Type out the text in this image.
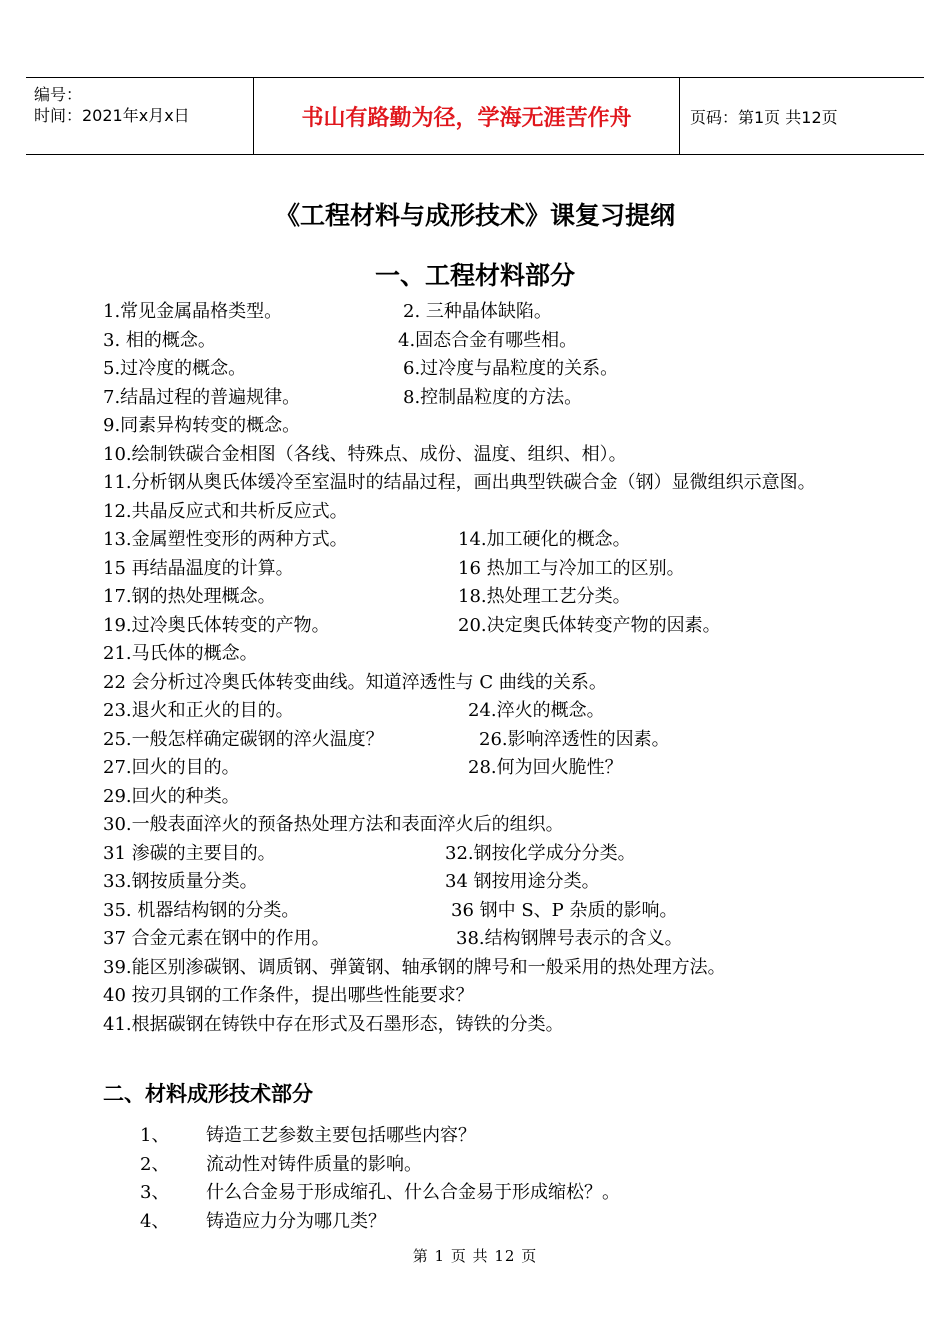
编号：
时间：2021年x月x日	书山有路勤为径，学海无涯苦作舟	页码：第1页 共12页
《工程材料与成形技术》课复习提纲
一、工程材料部分
1.常见金属晶格类型。	2. 三种晶体缺陷。
3. 相的概念。	4.固态合金有哪些相。
5.过冷度的概念。	6.过冷度与晶粒度的关系。
7.结晶过程的普遍规律。	8.控制晶粒度的方法。
9.同素异构转变的概念。
10.绘制铁碳合金相图（各线、特殊点、成份、温度、组织、相）。
11.分析钢从奥氏体缓冷至室温时的结晶过程，画出典型铁碳合金（钢）显微组织示意图。
12.共晶反应式和共析反应式。
13.金属塑性变形的两种方式。	14.加工硬化的概念。
15 再结晶温度的计算。	16 热加工与冷加工的区别。
17.钢的热处理概念。	18.热处理工艺分类。
19.过冷奥氏体转变的产物。	20.决定奥氏体转变产物的因素。
21.马氏体的概念。
22 会分析过冷奥氏体转变曲线。知道淬透性与 C 曲线的关系。
23.退火和正火的目的。	24.淬火的概念。
25.一般怎样确定碳钢的淬火温度？	26.影响淬透性的因素。
27.回火的目的。	28.何为回火脆性？
29.回火的种类。
30.一般表面淬火的预备热处理方法和表面淬火后的组织。
31 渗碳的主要目的。	32.钢按化学成分分类。
33.钢按质量分类。	34 钢按用途分类。
35. 机器结构钢的分类。	36 钢中 S、P 杂质的影响。
37 合金元素在钢中的作用。	38.结构钢牌号表示的含义。
39.能区别渗碳钢、调质钢、弹簧钢、轴承钢的牌号和一般采用的热处理方法。
40 按刃具钢的工作条件，提出哪些性能要求？
41.根据碳钢在铸铁中存在形式及石墨形态，铸铁的分类。
二、材料成形技术部分
1、 铸造工艺参数主要包括哪些内容？
2、 流动性对铸件质量的影响。
3、 什么合金易于形成缩孔、什么合金易于形成缩松？。
4、 铸造应力分为哪几类？
第 1 页 共 12 页
